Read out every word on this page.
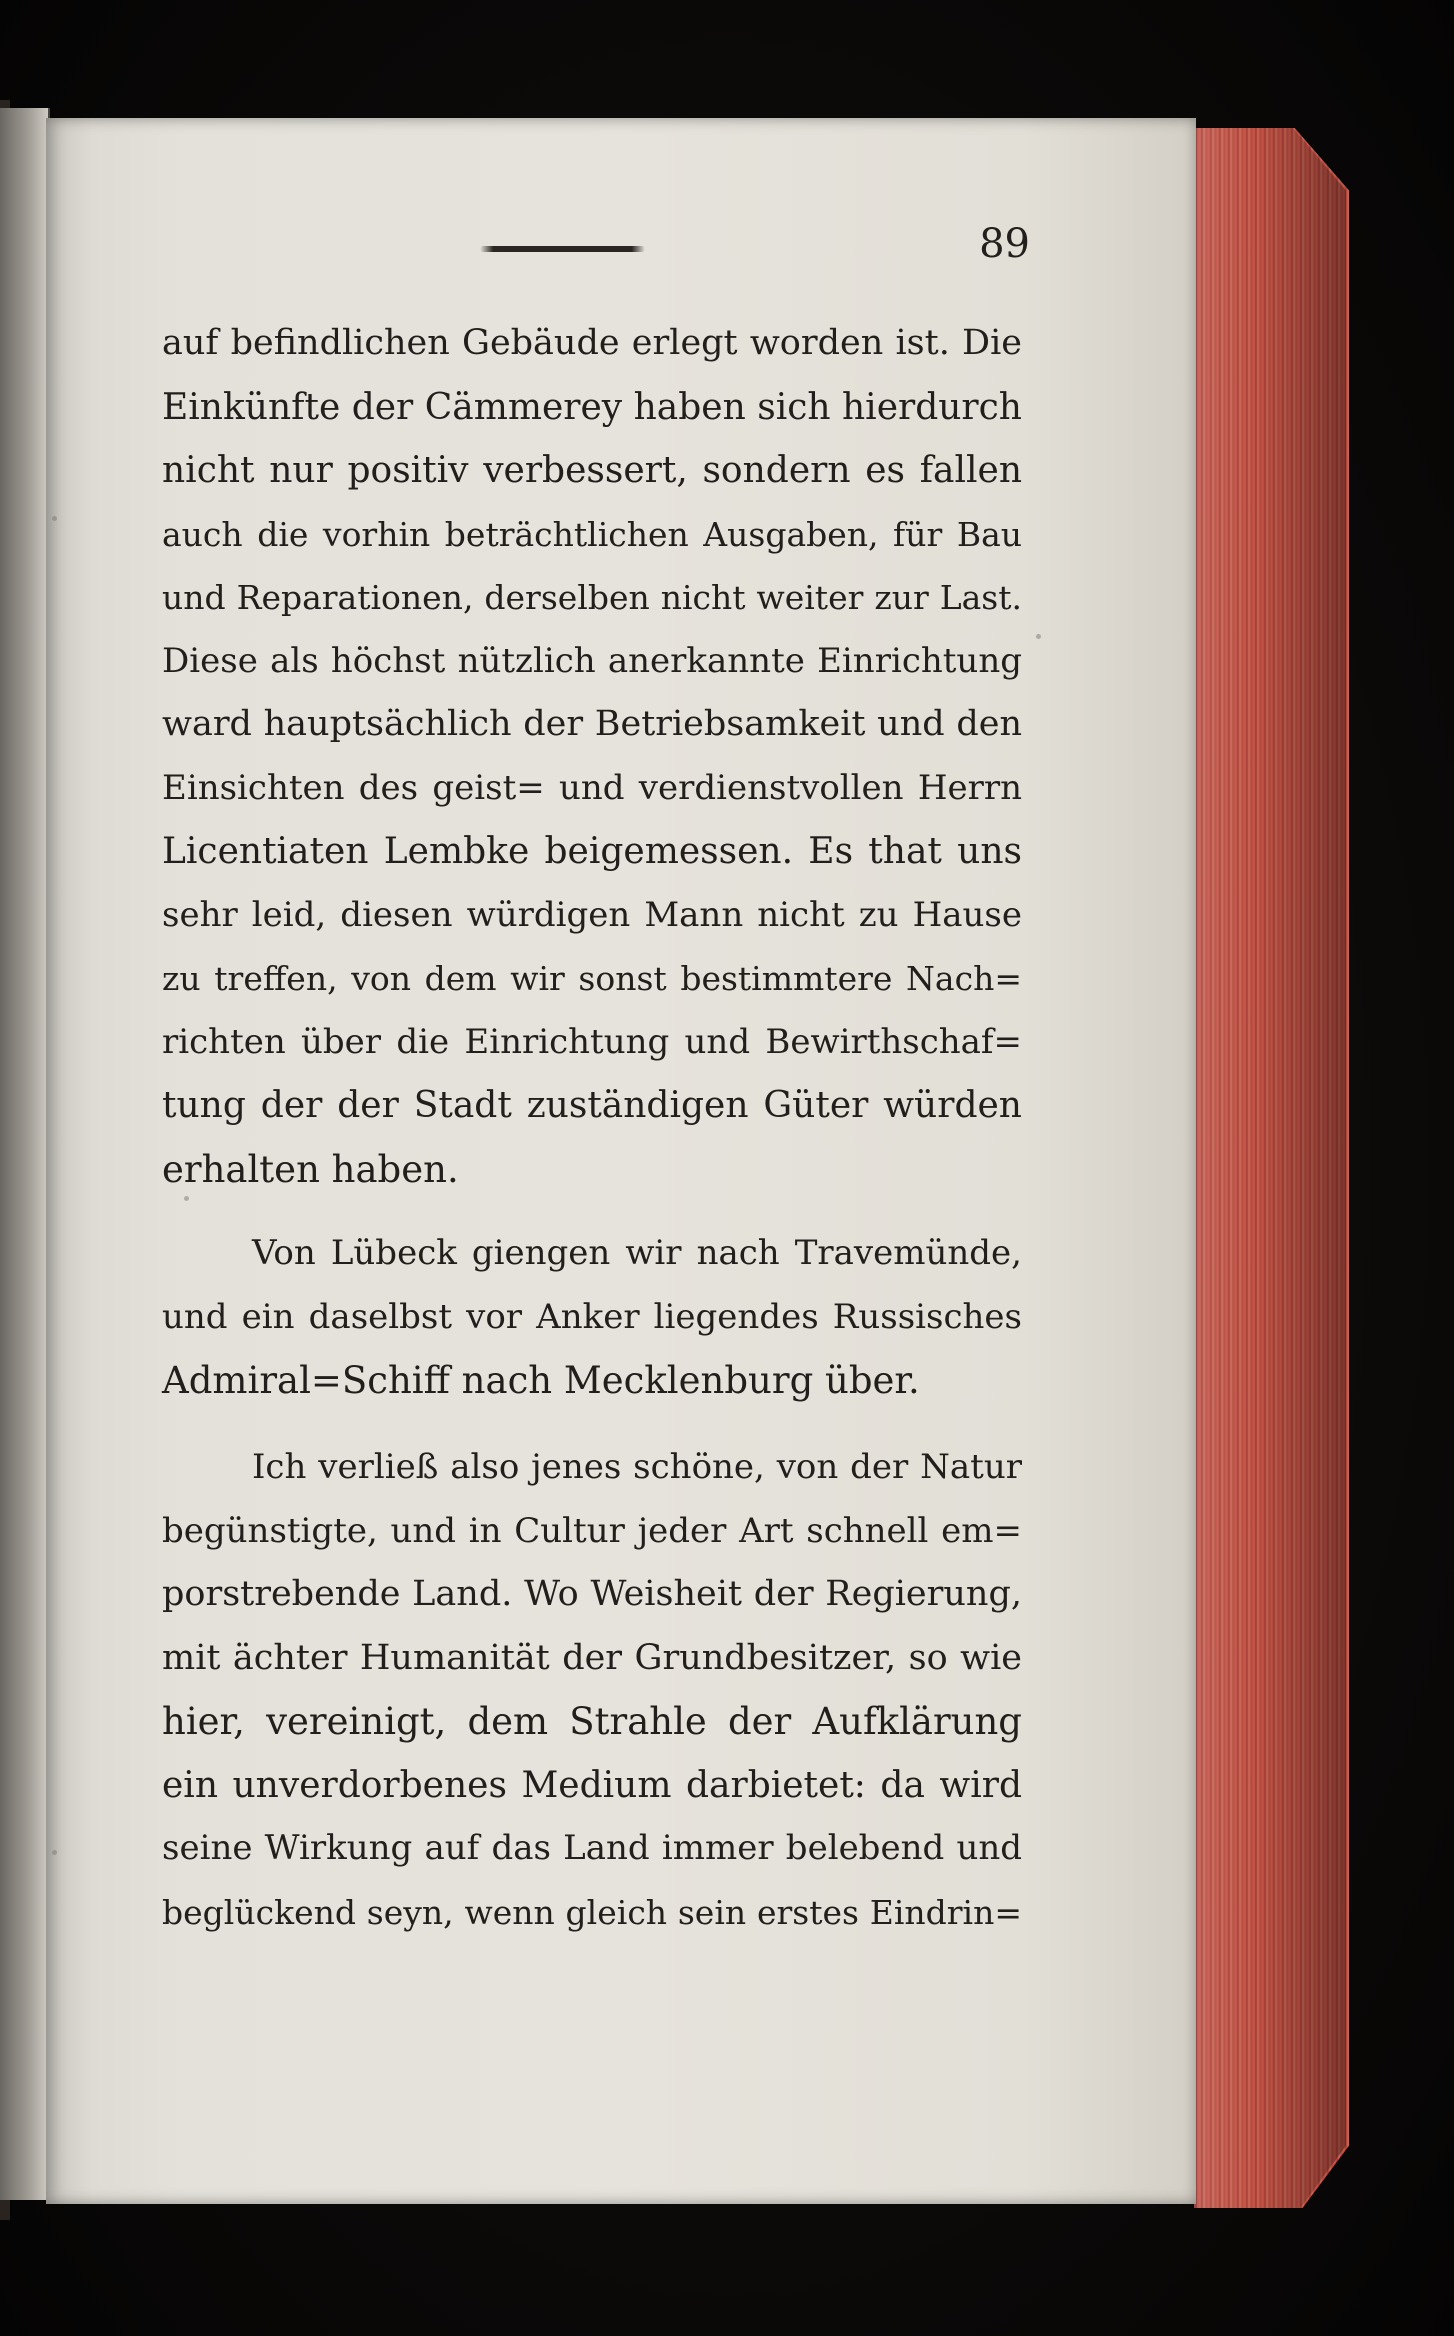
89
auf befindlichen Gebäude erlegt worden ist. Die
Einkünfte der Cämmerey haben sich hierdurch
nicht nur positiv verbessert, sondern es fallen
auch die vorhin beträchtlichen Ausgaben, für Bau
und Reparationen, derselben nicht weiter zur Last.
Diese als höchst nützlich anerkannte Einrichtung
ward hauptsächlich der Betriebsamkeit und den
Einsichten des geist= und verdienstvollen Herrn
Licentiaten Lembke beigemessen. Es that uns
sehr leid, diesen würdigen Mann nicht zu Hause
zu treffen, von dem wir sonst bestimmtere Nach=
richten über die Einrichtung und Bewirthschaf=
tung der der Stadt zuständigen Güter würden
erhalten haben.
Von Lübeck giengen wir nach Travemünde,
und ein daselbst vor Anker liegendes Russisches
Admiral=Schiff nach Mecklenburg über.
Ich verließ also jenes schöne, von der Natur
begünstigte, und in Cultur jeder Art schnell em=
porstrebende Land. Wo Weisheit der Regierung,
mit ächter Humanität der Grundbesitzer, so wie
hier, vereinigt, dem Strahle der Aufklärung
ein unverdorbenes Medium darbietet: da wird
seine Wirkung auf das Land immer belebend und
beglückend seyn, wenn gleich sein erstes Eindrin=
